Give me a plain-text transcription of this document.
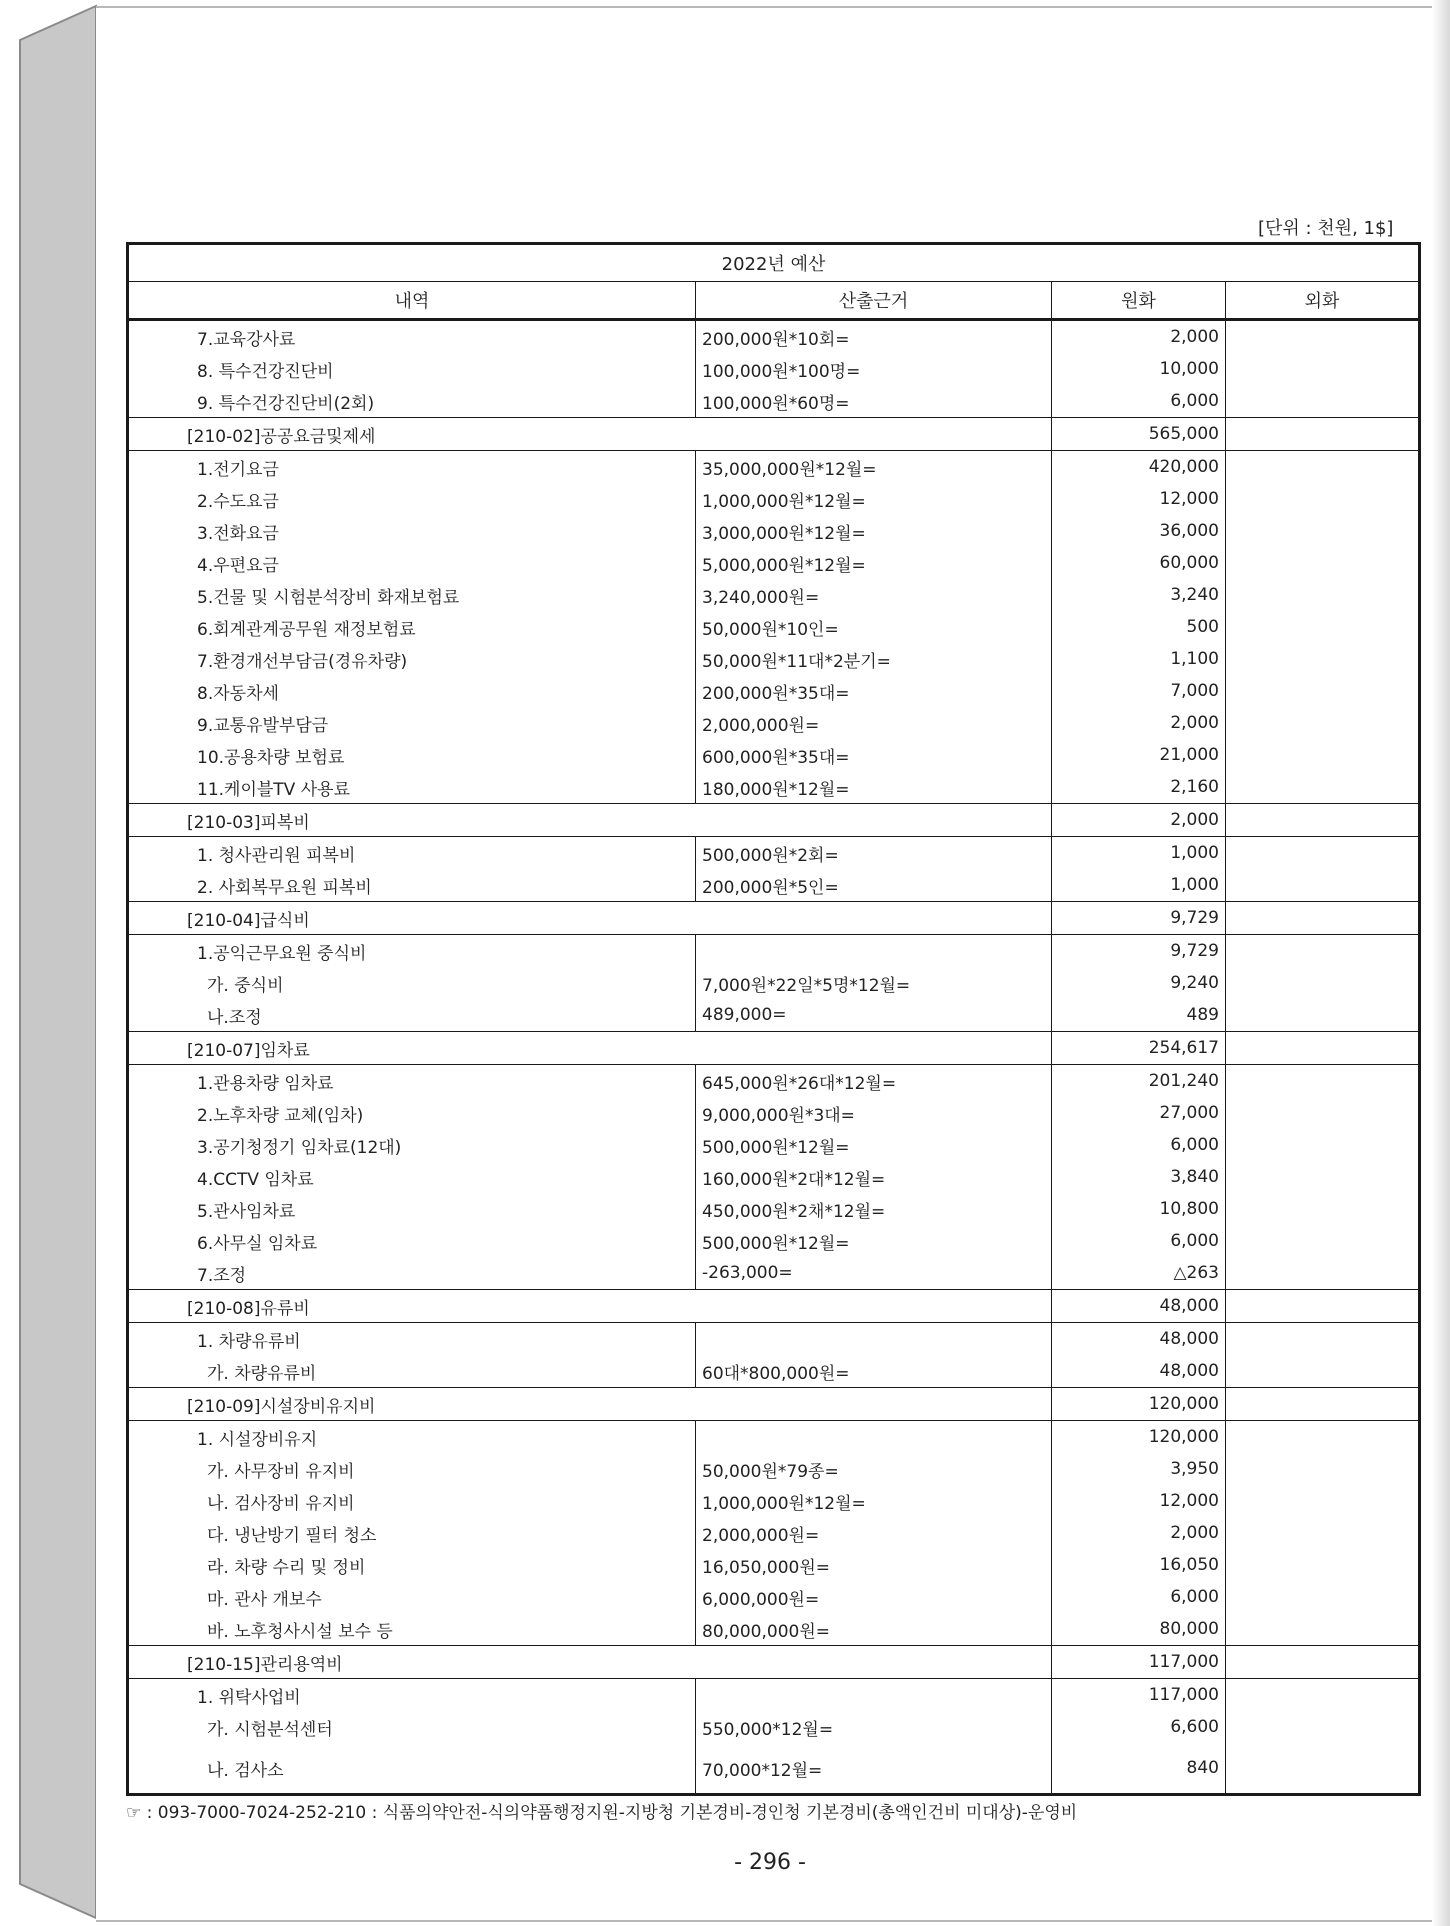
[단위 : 천원, 1$]
2022년 예산			
내역	산출근거	원화	외화
7.교육강사료	200,000원*10회=	2,000	
8. 특수건강진단비	100,000원*100명=	10,000	
9. 특수건강진단비(2회)	100,000원*60명=	6,000	
[210-02]공공요금및제세		565,000	
1.전기요금	35,000,000원*12월=	420,000	
2.수도요금	1,000,000원*12월=	12,000	
3.전화요금	3,000,000원*12월=	36,000	
4.우편요금	5,000,000원*12월=	60,000	
5.건물 및 시험분석장비 화재보험료	3,240,000원=	3,240	
6.회계관계공무원 재정보험료	50,000원*10인=	500	
7.환경개선부담금(경유차량)	50,000원*11대*2분기=	1,100	
8.자동차세	200,000원*35대=	7,000	
9.교통유발부담금	2,000,000원=	2,000	
10.공용차량 보험료	600,000원*35대=	21,000	
11.케이블TV 사용료	180,000원*12월=	2,160	
[210-03]피복비		2,000	
1. 청사관리원 피복비	500,000원*2회=	1,000	
2. 사회복무요원 피복비	200,000원*5인=	1,000	
[210-04]급식비		9,729	
1.공익근무요원 중식비		9,729	
가. 중식비	7,000원*22일*5명*12월=	9,240	
나.조정	489,000=	489	
[210-07]임차료		254,617	
1.관용차량 임차료	645,000원*26대*12월=	201,240	
2.노후차량 교체(임차)	9,000,000원*3대=	27,000	
3.공기청정기 임차료(12대)	500,000원*12월=	6,000	
4.CCTV 임차료	160,000원*2대*12월=	3,840	
5.관사임차료	450,000원*2채*12월=	10,800	
6.사무실 임차료	500,000원*12월=	6,000	
7.조정	-263,000=	△263	
[210-08]유류비		48,000	
1. 차량유류비		48,000	
가. 차량유류비	60대*800,000원=	48,000	
[210-09]시설장비유지비		120,000	
1. 시설장비유지		120,000	
가. 사무장비 유지비	50,000원*79종=	3,950	
나. 검사장비 유지비	1,000,000원*12월=	12,000	
다. 냉난방기 필터 청소	2,000,000원=	2,000	
라. 차량 수리 및 정비	16,050,000원=	16,050	
마. 관사 개보수	6,000,000원=	6,000	
바. 노후청사시설 보수 등	80,000,000원=	80,000	
[210-15]관리용역비		117,000	
1. 위탁사업비		117,000	
가. 시험분석센터	550,000*12월=	6,600	
나. 검사소	70,000*12월=	840	
☞ : 093-7000-7024-252-210 : 식품의약안전-식의약품행정지원-지방청 기본경비-경인청 기본경비(총액인건비 미대상)-운영비
- 296 -
